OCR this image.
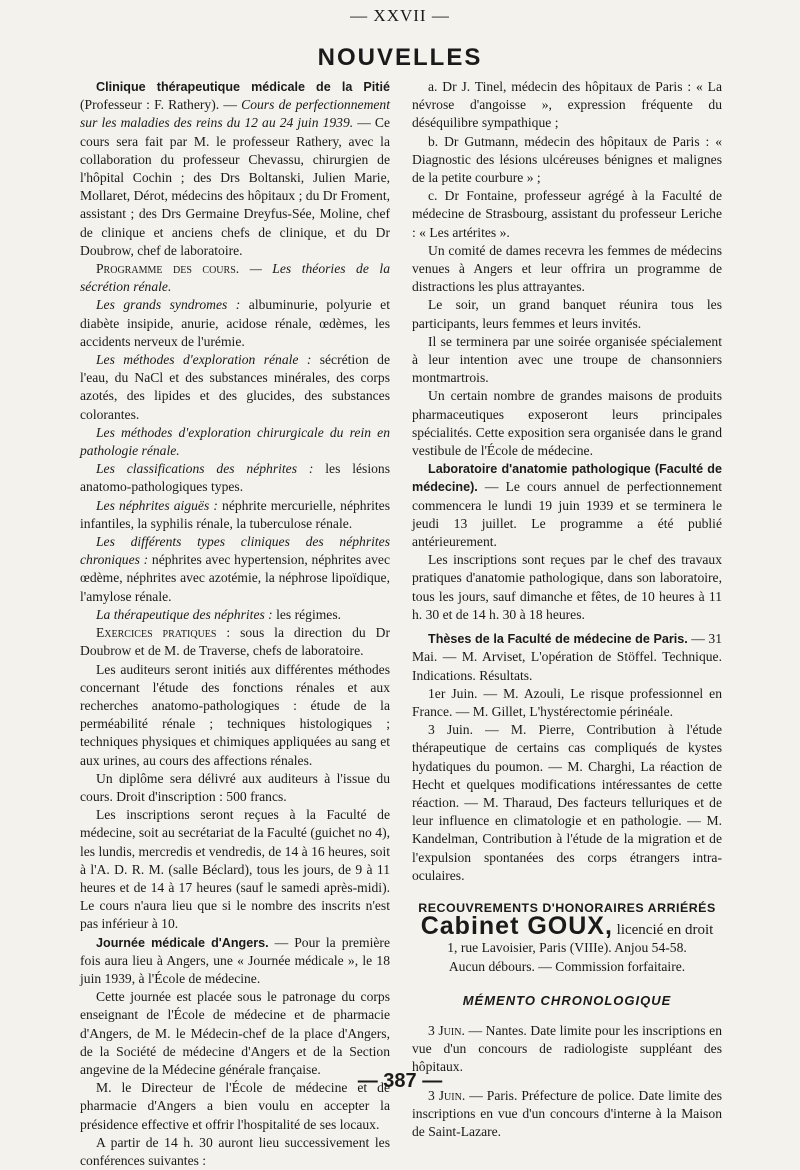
— XXVII —
NOUVELLES

Clinique thérapeutique médicale de la Pitié (Professeur : F. Rathery). — Cours de perfectionnement sur les maladies des reins du 12 au 24 juin 1939. — Ce cours sera fait par M. le professeur Rathery, avec la collaboration du professeur Chevassu, chirurgien de l'hôpital Cochin ; des Drs Boltanski, Julien Marie, Mollaret, Dérot, médecins des hôpitaux ; du Dr Froment, assistant ; des Drs Germaine Dreyfus-Sée, Moline, chef de clinique et anciens chefs de clinique, et du Dr Doubrow, chef de laboratoire.

Programme des cours. — Les théories de la sécrétion rénale.

Les grands syndromes : albuminurie, polyurie et diabète insipide, anurie, acidose rénale, œdèmes, les accidents nerveux de l'urémie.

Les méthodes d'exploration rénale : sécrétion de l'eau, du NaCl et des substances minérales, des corps azotés, des lipides et des glucides, des substances colorantes.

Les méthodes d'exploration chirurgicale du rein en pathologie rénale.

Les classifications des néphrites : les lésions anatomo-pathologiques types.

Les néphrites aiguës : néphrite mercurielle, néphrites infantiles, la syphilis rénale, la tuberculose rénale.

Les différents types cliniques des néphrites chroniques : néphrites avec hypertension, néphrites avec œdème, néphrites avec azotémie, la néphrose lipoïdique, l'amylose rénale.

La thérapeutique des néphrites : les régimes.

Exercices pratiques : sous la direction du Dr Doubrow et de M. de Traverse, chefs de laboratoire.

Les auditeurs seront initiés aux différentes méthodes concernant l'étude des fonctions rénales et aux recherches anatomo-pathologiques : étude de la perméabilité rénale ; techniques histologiques ; techniques physiques et chimiques appliquées au sang et aux urines, au cours des affections rénales.

Un diplôme sera délivré aux auditeurs à l'issue du cours. Droit d'inscription : 500 francs.

Les inscriptions seront reçues à la Faculté de médecine, soit au secrétariat de la Faculté (guichet no 4), les lundis, mercredis et vendredis, de 14 à 16 heures, soit à l'A. D. R. M. (salle Béclard), tous les jours, de 9 à 11 heures et de 14 à 17 heures (sauf le samedi après-midi). Le cours n'aura lieu que si le nombre des inscrits n'est pas inférieur à 10.

Journée médicale d'Angers. — Pour la première fois aura lieu à Angers, une « Journée médicale », le 18 juin 1939, à l'École de médecine.

Cette journée est placée sous le patronage du corps enseignant de l'École de médecine et de pharmacie d'Angers, de M. le Médecin-chef de la place d'Angers, de la Société de médecine d'Angers et de la Section angevine de la Médecine générale française.

M. le Directeur de l'École de médecine et de pharmacie d'Angers a bien voulu en accepter la présidence effective et offrir l'hospitalité de ses locaux.

A partir de 14 h. 30 auront lieu successivement les conférences suivantes :

a. Dr J. Tinel, médecin des hôpitaux de Paris : « La névrose d'angoisse », expression fréquente du déséquilibre sympathique ;

b. Dr Gutmann, médecin des hôpitaux de Paris : « Diagnostic des lésions ulcéreuses bénignes et malignes de la petite courbure » ;

c. Dr Fontaine, professeur agrégé à la Faculté de médecine de Strasbourg, assistant du professeur Leriche : « Les artérites ».

Un comité de dames recevra les femmes de médecins venues à Angers et leur offrira un programme de distractions les plus attrayantes.

Le soir, un grand banquet réunira tous les participants, leurs femmes et leurs invités.

Il se terminera par une soirée organisée spécialement à leur intention avec une troupe de chansonniers montmartrois.

Un certain nombre de grandes maisons de produits pharmaceutiques exposeront leurs principales spécialités. Cette exposition sera organisée dans le grand vestibule de l'École de médecine.

Laboratoire d'anatomie pathologique (Faculté de médecine). — Le cours annuel de perfectionnement commencera le lundi 19 juin 1939 et se terminera le jeudi 13 juillet. Le programme a été publié antérieurement.

Les inscriptions sont reçues par le chef des travaux pratiques d'anatomie pathologique, dans son laboratoire, tous les jours, sauf dimanche et fêtes, de 10 heures à 11 h. 30 et de 14 h. 30 à 18 heures.

Thèses de la Faculté de médecine de Paris. — 31 Mai. — M. Arviset, L'opération de Stöffel. Technique. Indications. Résultats.

1er Juin. — M. Azouli, Le risque professionnel en France. — M. Gillet, L'hystérectomie périnéale.

3 Juin. — M. Pierre, Contribution à l'étude thérapeutique de certains cas compliqués de kystes hydatiques du poumon. — M. Charghi, La réaction de Hecht et quelques modifications intéressantes de cette réaction. — M. Tharaud, Des facteurs telluriques et de leur influence en climatologie et en pathologie. — M. Kandelman, Contribution à l'étude de la migration et de l'expulsion spontanées des corps étrangers intra-oculaires.

RECOUVREMENTS D'HONORAIRES ARRIÉRÉS
Cabinet GOUX, licencié en droit
1, rue Lavoisier, Paris (VIIIe). Anjou 54-58.
Aucun débours. — Commission forfaitaire.
MÉMENTO CHRONOLOGIQUE

3 Juin. — Nantes. Date limite pour les inscriptions en vue d'un concours de radiologiste suppléant des hôpitaux.

3 Juin. — Paris. Préfecture de police. Date limite des inscriptions en vue d'un concours d'interne à la Maison de Saint-Lazare.

— 387 —
